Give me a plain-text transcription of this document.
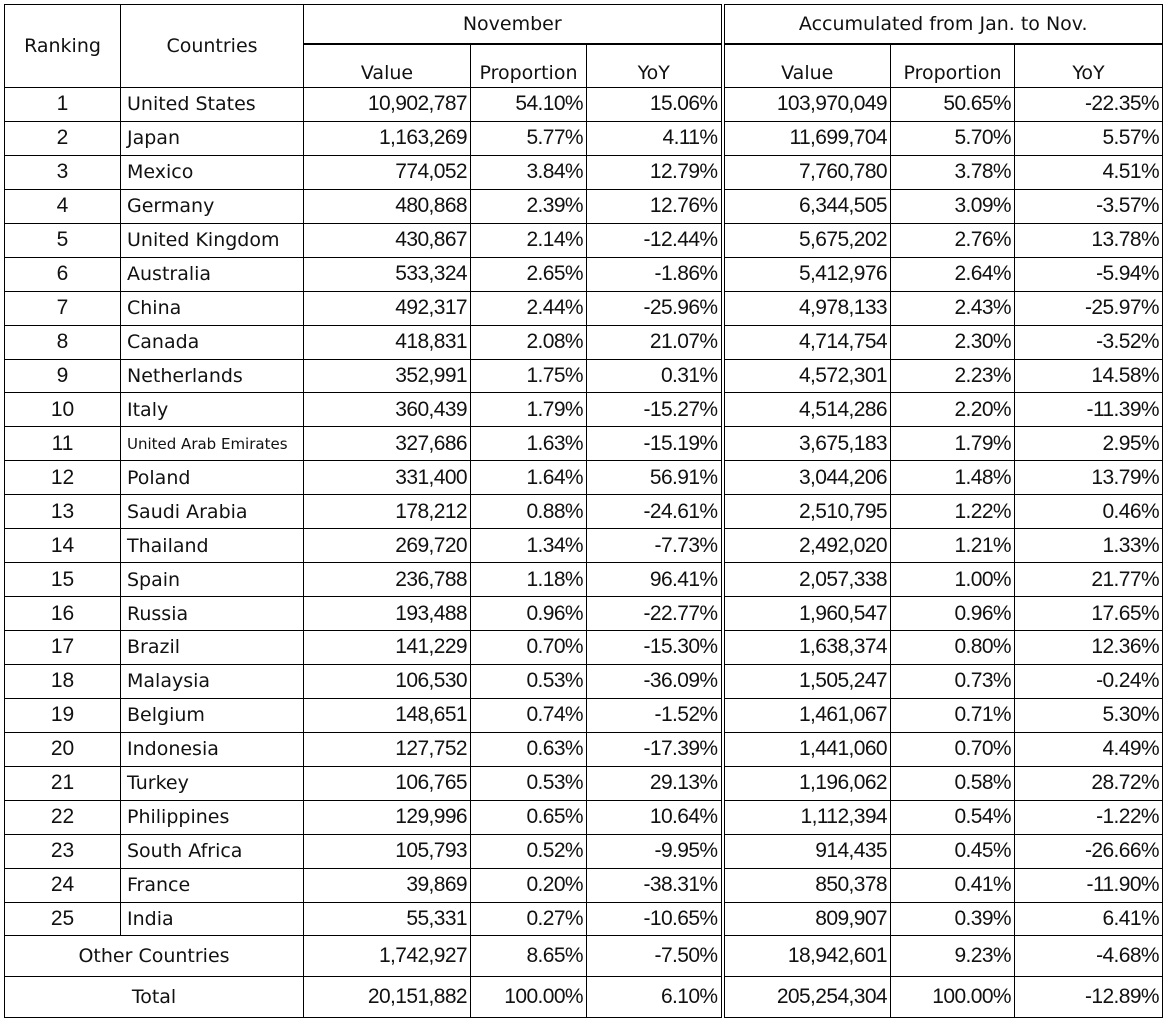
Ranking	Countries	November			Accumulated from Jan. to Nov.		
		Value	Proportion	YoY	Value	Proportion	YoY
1	United States	10,902,787	54.10%	15.06%	103,970,049	50.65%	-22.35%
2	Japan	1,163,269	5.77%	4.11%	11,699,704	5.70%	5.57%
3	Mexico	774,052	3.84%	12.79%	7,760,780	3.78%	4.51%
4	Germany	480,868	2.39%	12.76%	6,344,505	3.09%	-3.57%
5	United Kingdom	430,867	2.14%	-12.44%	5,675,202	2.76%	13.78%
6	Australia	533,324	2.65%	-1.86%	5,412,976	2.64%	-5.94%
7	China	492,317	2.44%	-25.96%	4,978,133	2.43%	-25.97%
8	Canada	418,831	2.08%	21.07%	4,714,754	2.30%	-3.52%
9	Netherlands	352,991	1.75%	0.31%	4,572,301	2.23%	14.58%
10	Italy	360,439	1.79%	-15.27%	4,514,286	2.20%	-11.39%
11	United Arab Emirates	327,686	1.63%	-15.19%	3,675,183	1.79%	2.95%
12	Poland	331,400	1.64%	56.91%	3,044,206	1.48%	13.79%
13	Saudi Arabia	178,212	0.88%	-24.61%	2,510,795	1.22%	0.46%
14	Thailand	269,720	1.34%	-7.73%	2,492,020	1.21%	1.33%
15	Spain	236,788	1.18%	96.41%	2,057,338	1.00%	21.77%
16	Russia	193,488	0.96%	-22.77%	1,960,547	0.96%	17.65%
17	Brazil	141,229	0.70%	-15.30%	1,638,374	0.80%	12.36%
18	Malaysia	106,530	0.53%	-36.09%	1,505,247	0.73%	-0.24%
19	Belgium	148,651	0.74%	-1.52%	1,461,067	0.71%	5.30%
20	Indonesia	127,752	0.63%	-17.39%	1,441,060	0.70%	4.49%
21	Turkey	106,765	0.53%	29.13%	1,196,062	0.58%	28.72%
22	Philippines	129,996	0.65%	10.64%	1,112,394	0.54%	-1.22%
23	South Africa	105,793	0.52%	-9.95%	914,435	0.45%	-26.66%
24	France	39,869	0.20%	-38.31%	850,378	0.41%	-11.90%
25	India	55,331	0.27%	-10.65%	809,907	0.39%	6.41%
Other Countries		1,742,927	8.65%	-7.50%	18,942,601	9.23%	-4.68%
Total		20,151,882	100.00%	6.10%	205,254,304	100.00%	-12.89%
